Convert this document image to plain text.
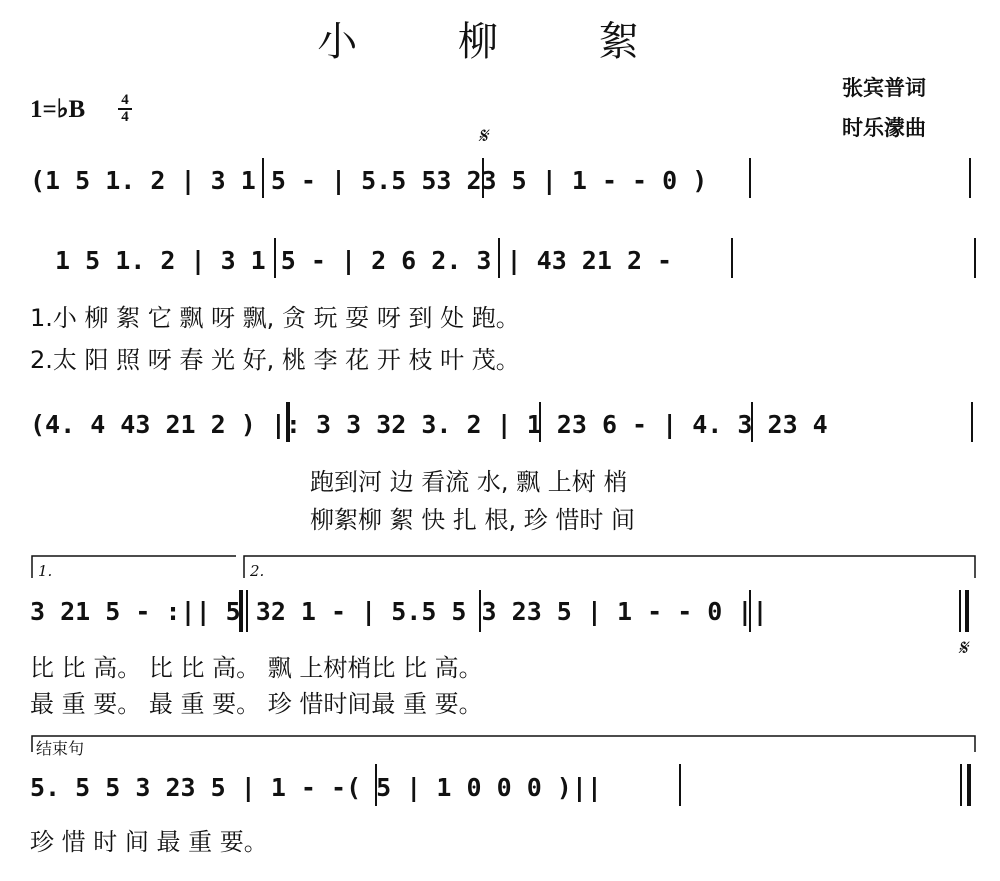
小 柳 絮
张宾普词
时乐濛曲
1=♭B 4
4
𝄋
𝄋
(1 5 1. 2 | 3 1 5 - | 5.5 53 23 5 | 1 - - 0 )
1 5 1. 2 | 3 1 5 - | 2 6 2. 3 | 43 21 2 -
(4. 4 43 21 2 ) |: 3 3 32 3. 2 | 1 23 6 - | 4. 3 23 4
3 21 5 - :|| 5 32 1 - | 5.5 5 3 23 5 | 1 - - 0 ||
5. 5 5 3 23 5 | 1 - -( 5 | 1 0 0 0 )||
1.小 柳 絮 它 飘 呀 飘, 贪 玩 耍 呀 到 处 跑。
2.太 阳 照 呀 春 光 好, 桃 李 花 开 枝 叶 茂。
跑到河 边 看流 水, 飘 上树 梢
柳絮柳 絮 快 扎 根, 珍 惜时 间
比 比 高。 比 比 高。 飘 上树梢比 比 高。
最 重 要。 最 重 要。 珍 惜时间最 重 要。
珍 惜 时 间 最 重 要。
1.	2.
结束句
